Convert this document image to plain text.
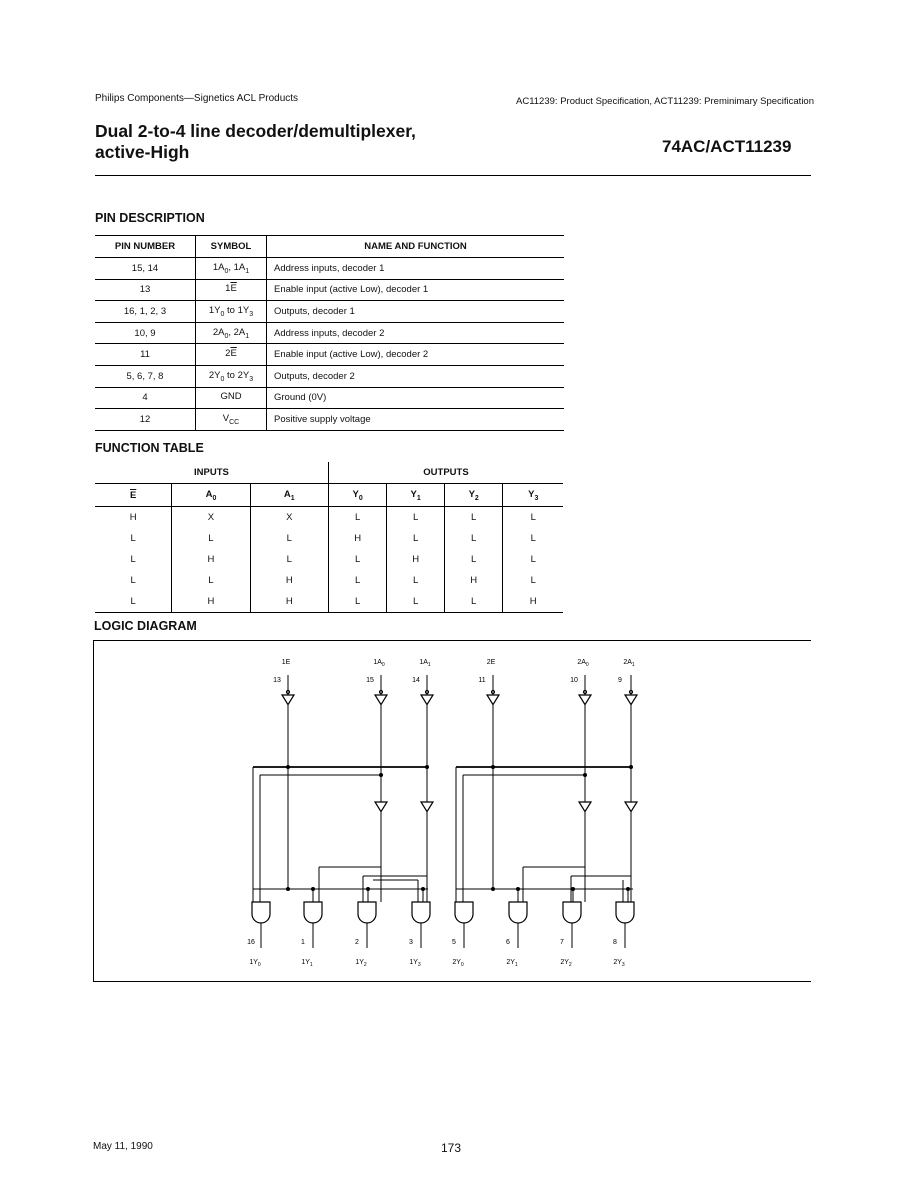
Philips Components—Signetics ACL Products	AC11239: Product Specification, ACT11239: Preminimary Specification
Dual 2-to-4 line decoder/demultiplexer,
active-High	74AC/ACT11239
PIN DESCRIPTION
PIN NUMBER	SYMBOL	NAME AND FUNCTION
15, 14	$1A_0$, $1A_1$	Address inputs, decoder 1
13	$1\overline{E}$	Enable input (active Low), decoder 1
16, 1, 2, 3	$1Y_0$ to $1Y_3$	Outputs, decoder 1
10, 9	$2A_0$, $2A_1$	Address inputs, decoder 2
11	$2\overline{E}$	Enable input (active Low), decoder 2
5, 6, 7, 8	$2Y_0$ to $2Y_3$	Outputs, decoder 2
4	GND	Ground (0V)
12	$V_{CC}$	Positive supply voltage
FUNCTION TABLE
INPUTS			OUTPUTS			
$\overline{E}$	$A_0$	$A_1$	$Y_0$	$Y_1$	$Y_2$	$Y_3$
H	X	X	L	L	L	L
L	L	L	H	L	L	L
L	H	L	L	H	L	L
L	L	H	L	L	H	L
L	H	H	L	L	L	H
LOGIC DIAGRAM
1E
13
$1A_0$
15
$1A_1$
14
2E
11
$2A_0$
10
$2A_1$
9
16
$1Y_0$
1
$1Y_1$
2
$1Y_2$
3
$1Y_3$
5
$2Y_0$
6
$2Y_1$
7
$2Y_2$
8
$2Y_3$
May 11, 1990	173
